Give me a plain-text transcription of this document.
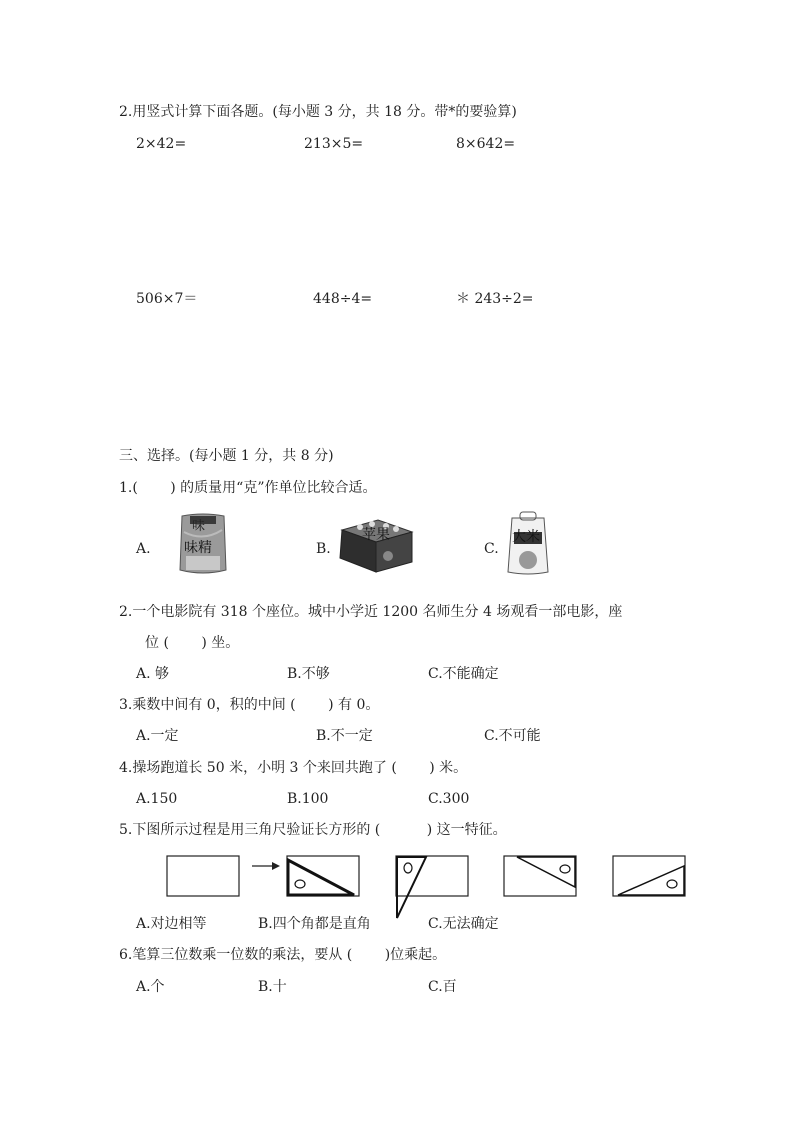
2.用竖式计算下面各题。(每小题 3 分，共 18 分。带*的要验算)
2×42=	213×5=	8×642=
506×7＝	448÷4=	＊ 243÷2=
三、选择。(每小题 1 分，共 8 分)
1.(　　 ) 的质量用“克”作单位比较合适。
A.	B.	C.
味
味精
苹果	大米
2.一个电影院有 318 个座位。城中小学近 1200 名师生分 4 场观看一部电影，座
位 (　　 ) 坐。
A. 够	B.不够	C.不能确定
3.乘数中间有 0，积的中间 (　　 ) 有 0。
A.一定	B.不一定	C.不可能
4.操场跑道长 50 米，小明 3 个来回共跑了 (　　 ) 米。
A.150	B.100	C.300
5.下图所示过程是用三角尺验证长方形的 (　　　 ) 这一特征。
A.对边相等	B.四个角都是直角	C.无法确定
6.笔算三位数乘一位数的乘法，要从 (　　 )位乘起。
A.个	B.十	C.百
